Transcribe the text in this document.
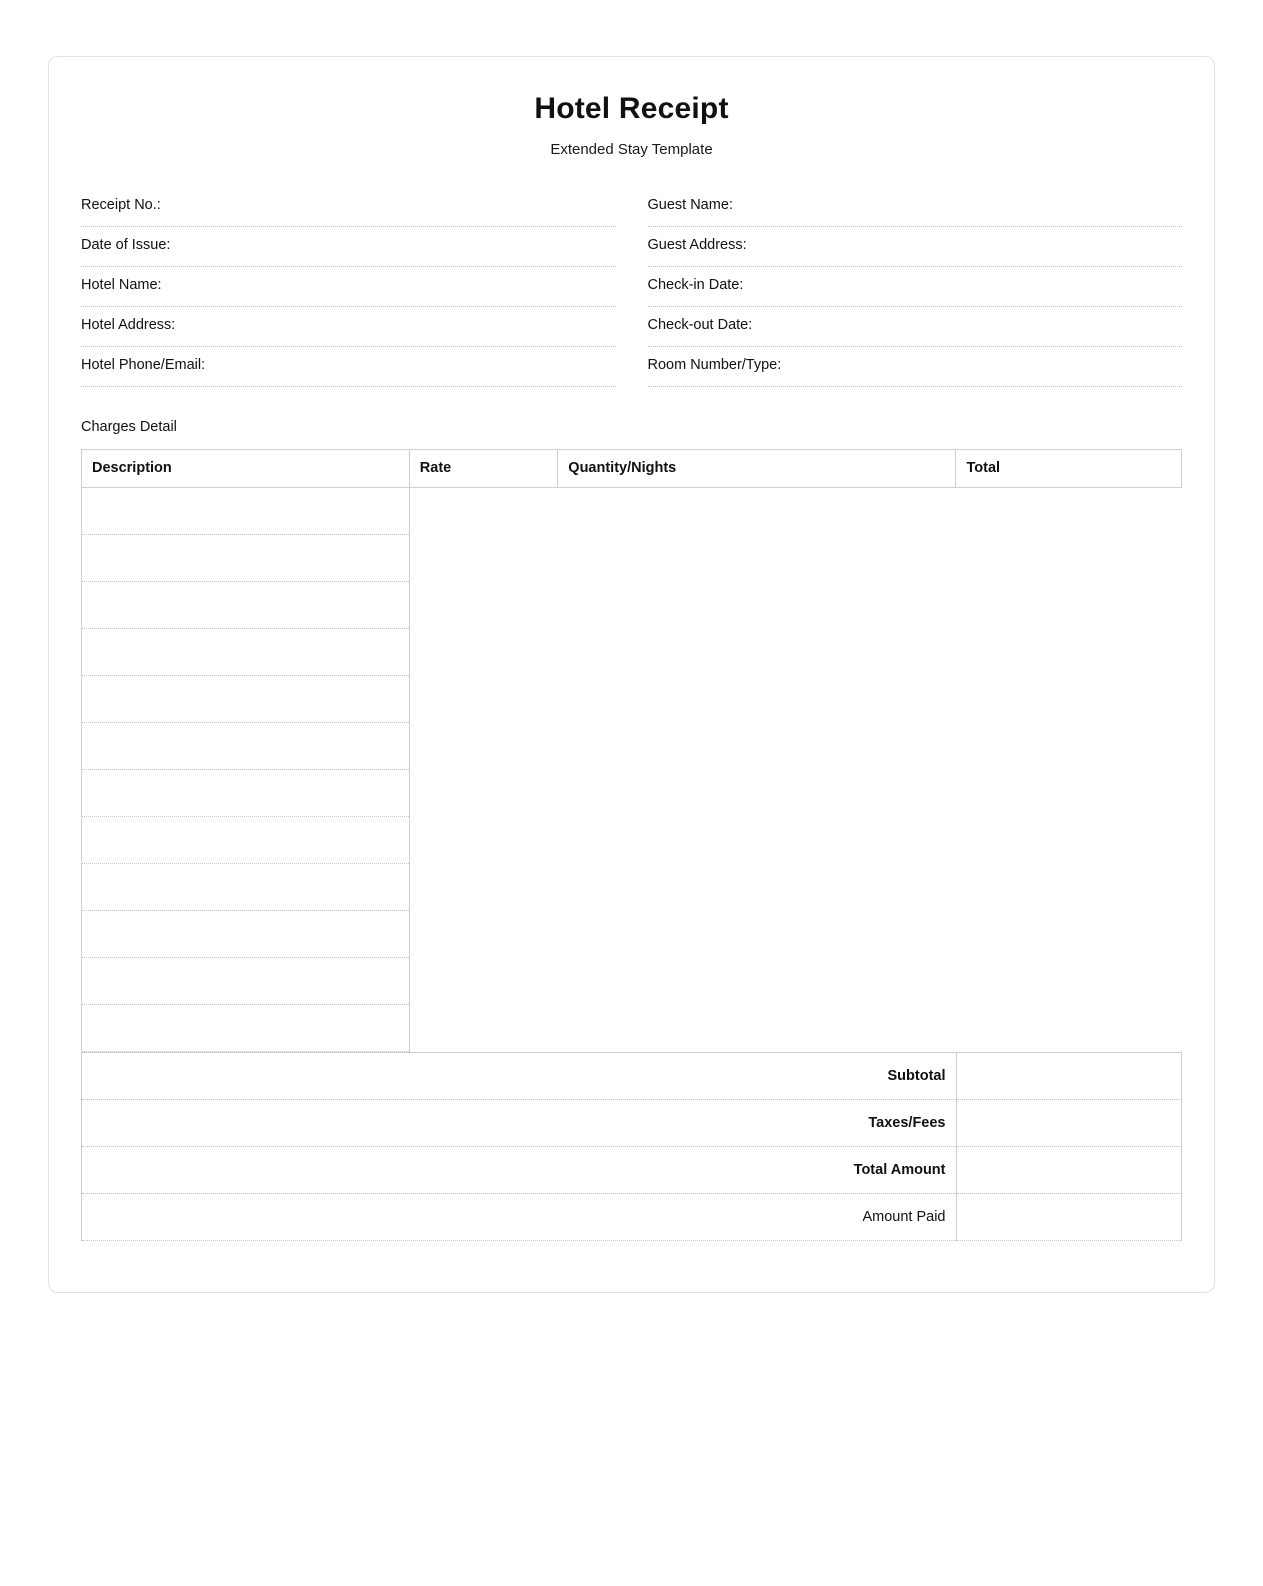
Hotel Receipt
Extended Stay Template
Receipt No.:	Guest Name:
Date of Issue:	Guest Address:
Hotel Name:	Check-in Date:
Hotel Address:	Check-out Date:
Hotel Phone/Email:	Room Number/Type:
Charges Detail
Description	Rate	Quantity/Nights	Total

Subtotal	
Taxes/Fees	
Total Amount	
Amount Paid	
